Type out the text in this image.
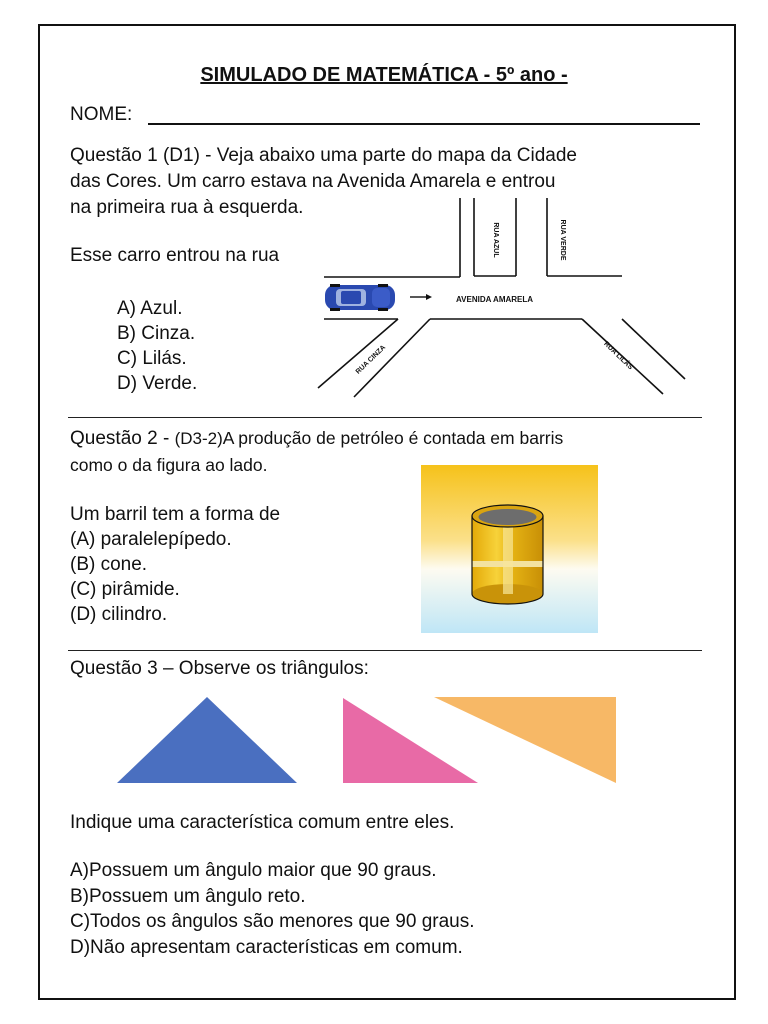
SIMULADO DE MATEMÁTICA - 5º ano -
NOME:
Questão 1 (D1) - Veja abaixo uma parte do mapa da Cidade
das Cores. Um carro estava na Avenida Amarela e entrou
na primeira rua à esquerda.
Esse carro entrou na rua
A) Azul.
B) Cinza.
C) Lilás.
D) Verde.
RUA AZUL	RUA VERDE
RUA CINZA	RUA LILÁS
AVENIDA AMARELA
Questão 2 - (D3-2)A produção de petróleo é contada em barris
como o da figura ao lado.
Um barril tem a forma de
(A) paralelepípedo.
(B) cone.
(C) pirâmide.
(D) cilindro.
Questão 3 – Observe os triângulos:
Indique uma característica comum entre eles.
A)Possuem um ângulo maior que 90 graus.
B)Possuem um ângulo reto.
C)Todos os ângulos são menores que 90 graus.
D)Não apresentam características em comum.
